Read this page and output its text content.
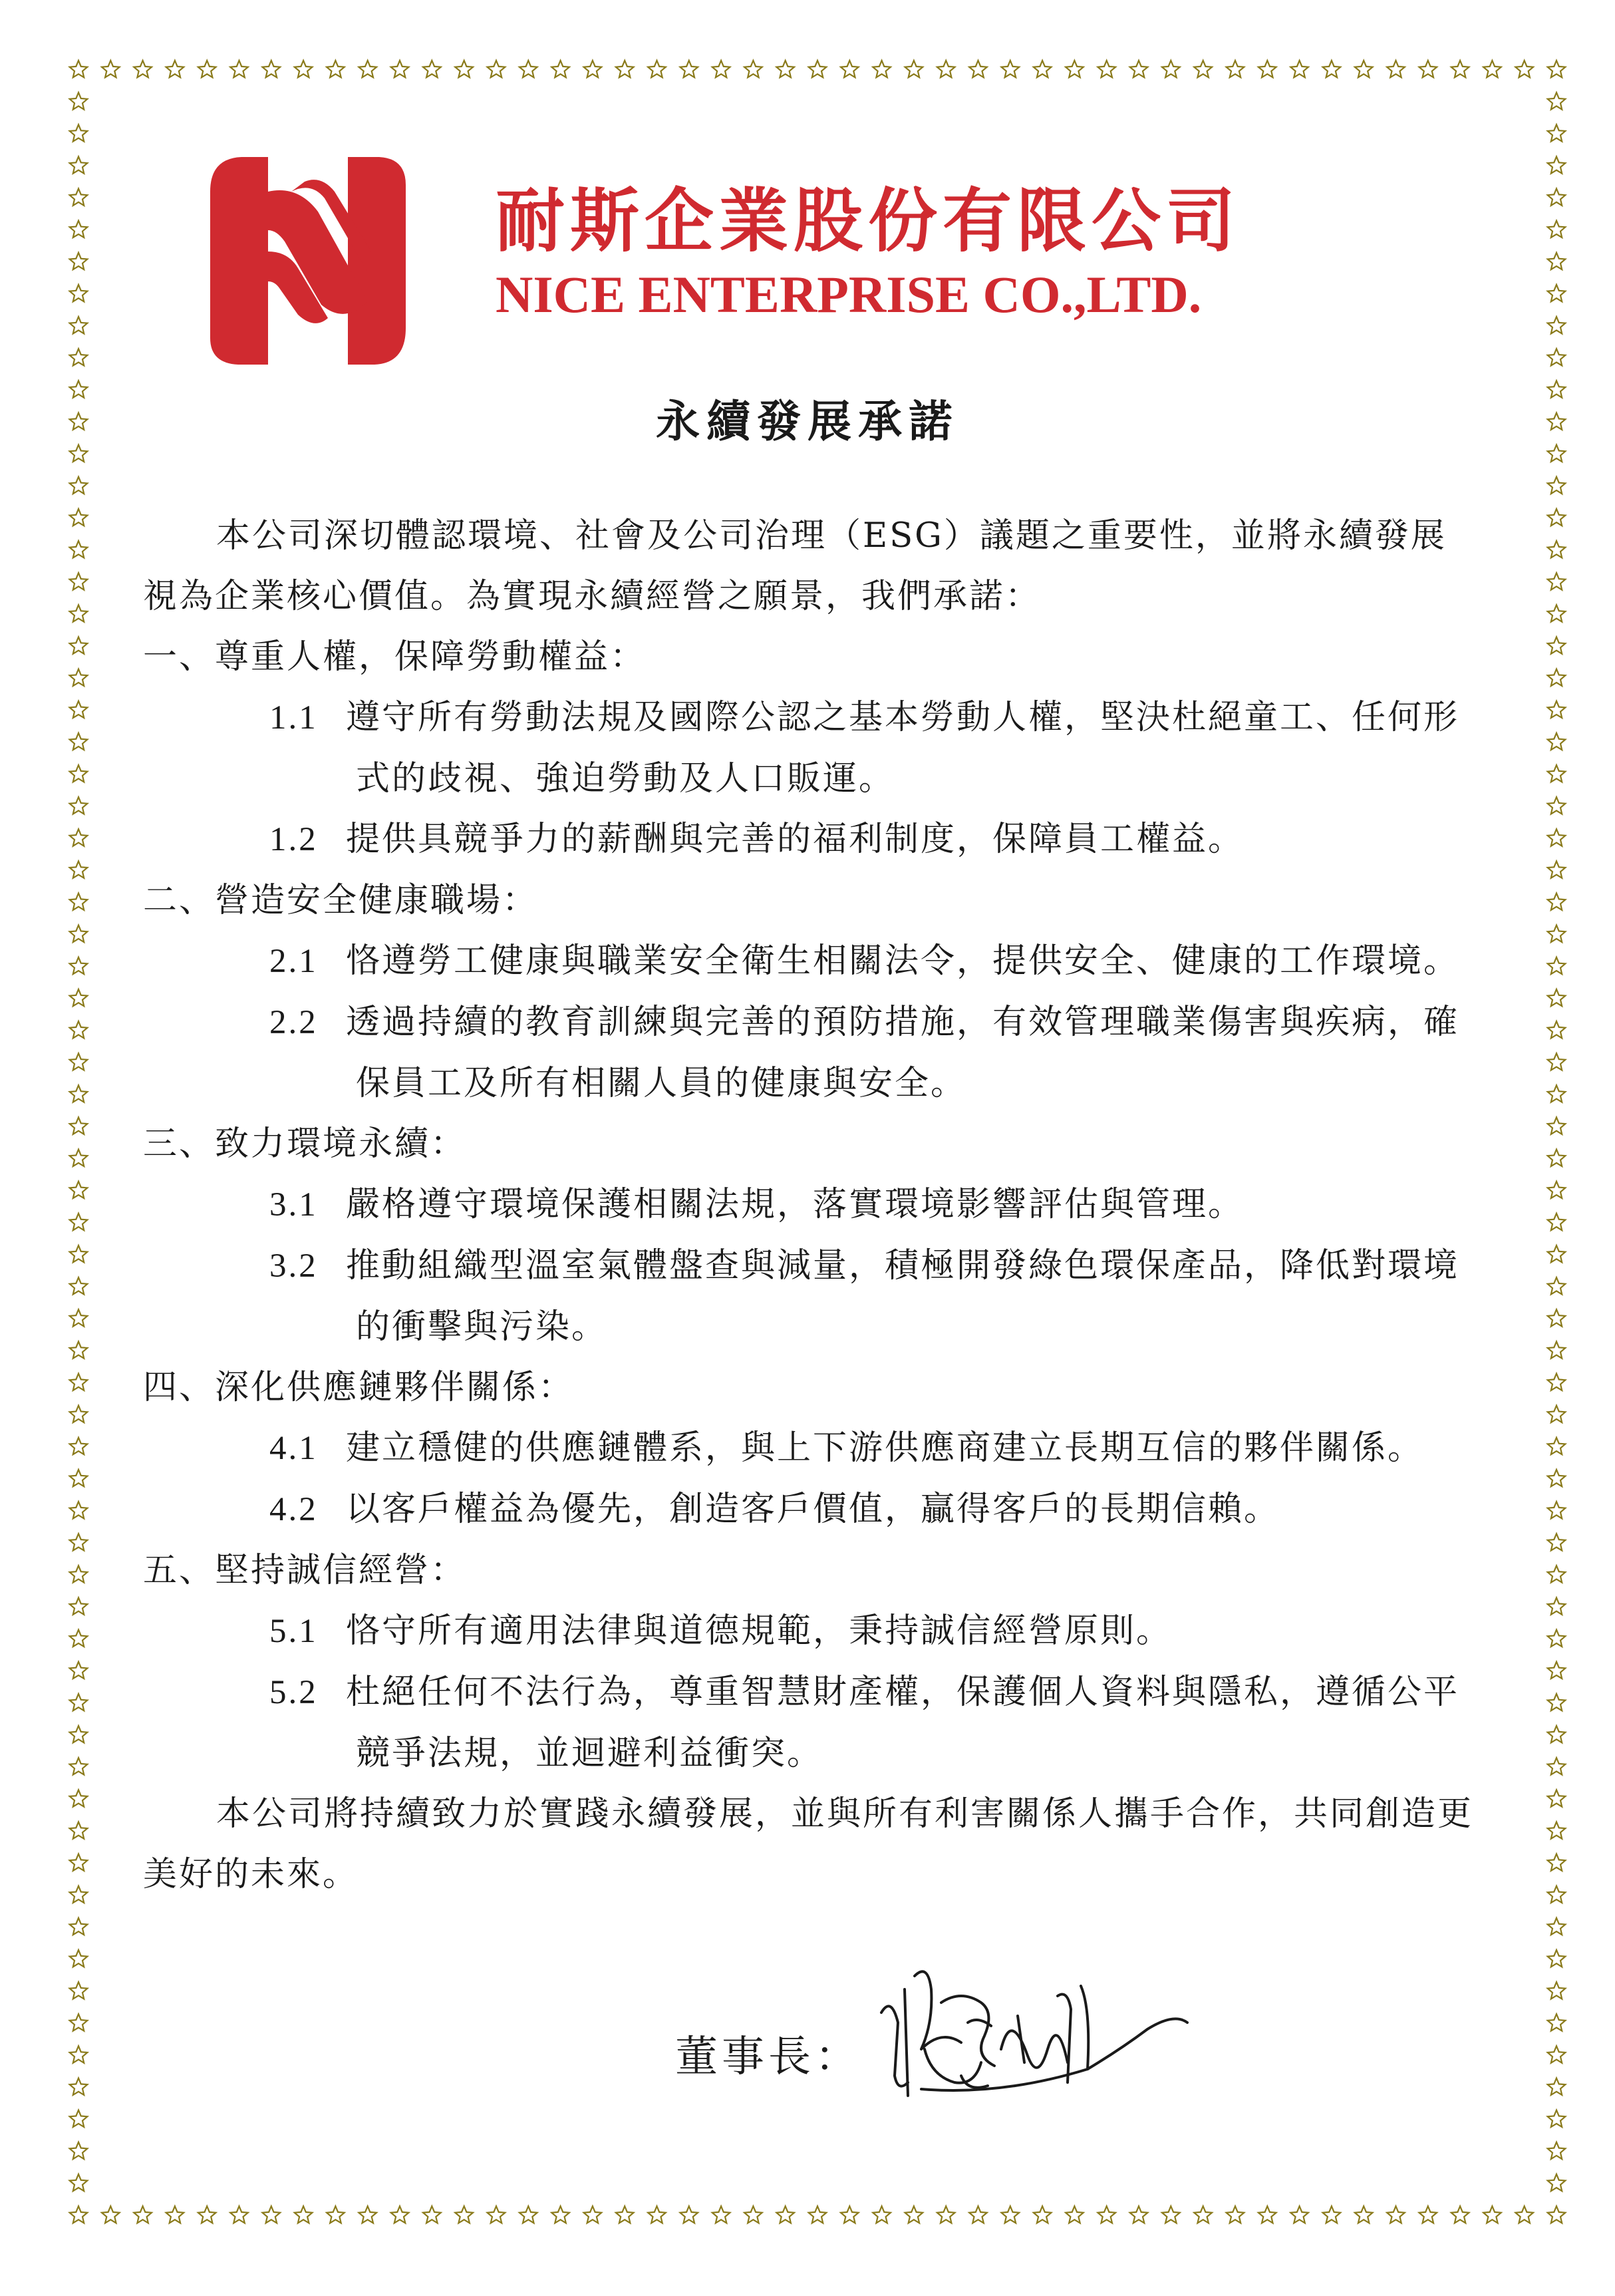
耐斯企業股份有限公司
NICE ENTERPRISE CO.,LTD.
永續發展承諾

本公司深切體認環境、社會及公司治理（ESG）議題之重要性，並將永續發展視為企業核心價值。為實現永續經營之願景，我們承諾：

一、尊重人權，保障勞動權益：

1.1 遵守所有勞動法規及國際公認之基本勞動人權，堅決杜絕童工、任何形式的歧視、強迫勞動及人口販運。

1.2 提供具競爭力的薪酬與完善的福利制度，保障員工權益。

二、營造安全健康職場：

2.1 恪遵勞工健康與職業安全衛生相關法令，提供安全、健康的工作環境。

2.2 透過持續的教育訓練與完善的預防措施，有效管理職業傷害與疾病，確保員工及所有相關人員的健康與安全。

三、致力環境永續：

3.1 嚴格遵守環境保護相關法規，落實環境影響評估與管理。

3.2 推動組織型溫室氣體盤查與減量，積極開發綠色環保產品，降低對環境的衝擊與污染。

四、深化供應鏈夥伴關係：

4.1 建立穩健的供應鏈體系，與上下游供應商建立長期互信的夥伴關係。

4.2 以客戶權益為優先，創造客戶價值，贏得客戶的長期信賴。

五、堅持誠信經營：

5.1 恪守所有適用法律與道德規範，秉持誠信經營原則。

5.2 杜絕任何不法行為，尊重智慧財產權，保護個人資料與隱私，遵循公平競爭法規，並迴避利益衝突。

本公司將持續致力於實踐永續發展，並與所有利害關係人攜手合作，共同創造更美好的未來。

董事長：
